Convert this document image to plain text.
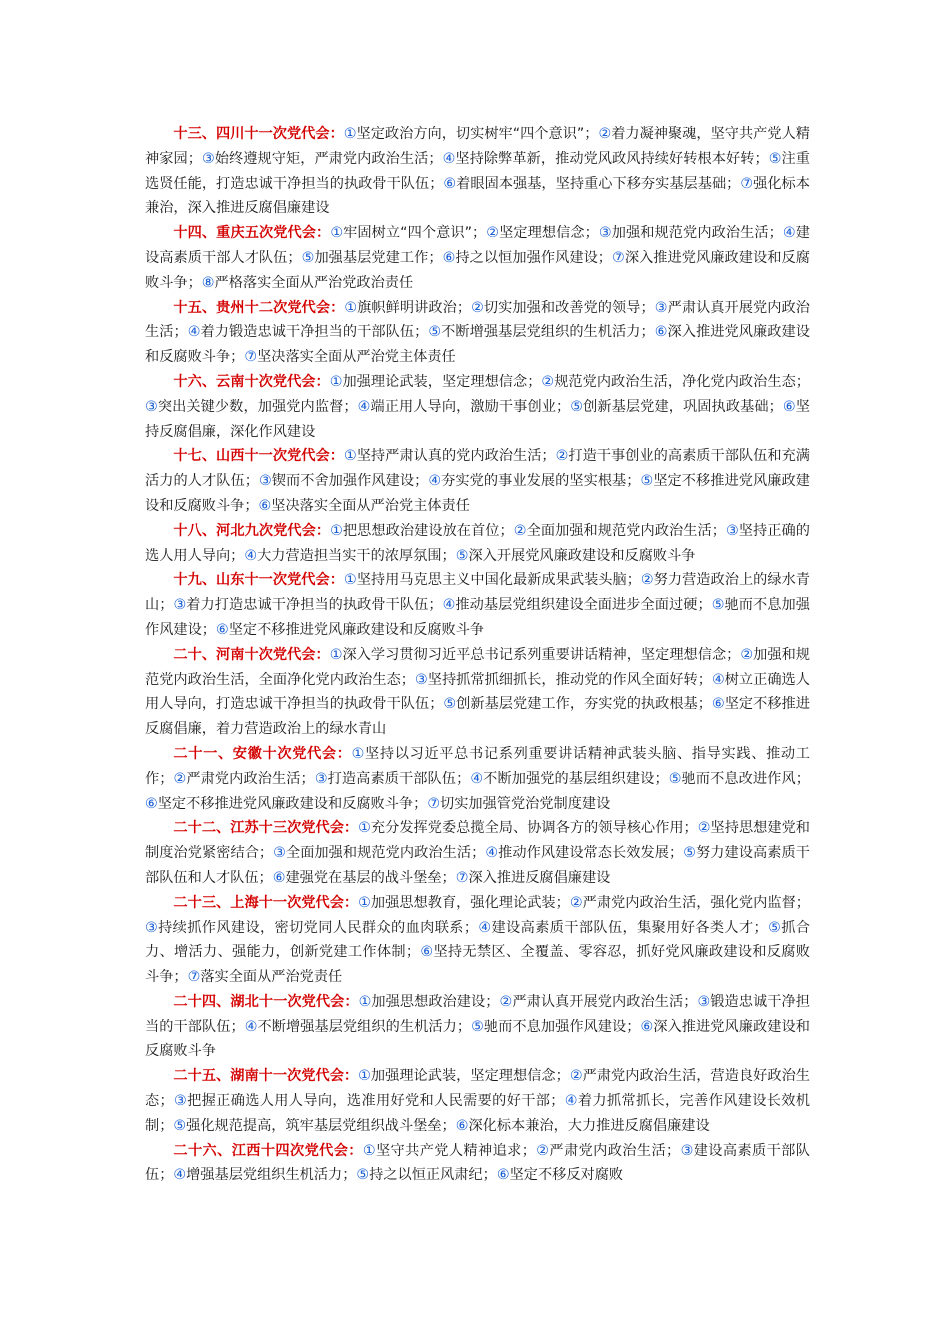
十三、四川十一次党代会：①坚定政治方向，切实树牢“四个意识”；②着力凝神聚魂，坚守共产党人精神家园；③始终遵规守矩，严肃党内政治生活；④坚持除弊革新，推动党风政风持续好转根本好转；⑤注重选贤任能，打造忠诚干净担当的执政骨干队伍；⑥着眼固本强基，坚持重心下移夯实基层基础；⑦强化标本兼治，深入推进反腐倡廉建设

十四、重庆五次党代会：①牢固树立“四个意识”；②坚定理想信念；③加强和规范党内政治生活；④建设高素质干部人才队伍；⑤加强基层党建工作；⑥持之以恒加强作风建设；⑦深入推进党风廉政建设和反腐败斗争；⑧严格落实全面从严治党政治责任

十五、贵州十二次党代会：①旗帜鲜明讲政治；②切实加强和改善党的领导；③严肃认真开展党内政治生活；④着力锻造忠诚干净担当的干部队伍；⑤不断增强基层党组织的生机活力；⑥深入推进党风廉政建设和反腐败斗争；⑦坚决落实全面从严治党主体责任

十六、云南十次党代会：①加强理论武装，坚定理想信念；②规范党内政治生活，净化党内政治生态；③突出关键少数，加强党内监督；④端正用人导向，激励干事创业；⑤创新基层党建，巩固执政基础；⑥坚持反腐倡廉，深化作风建设

十七、山西十一次党代会：①坚持严肃认真的党内政治生活；②打造干事创业的高素质干部队伍和充满活力的人才队伍；③锲而不舍加强作风建设；④夯实党的事业发展的坚实根基；⑤坚定不移推进党风廉政建设和反腐败斗争；⑥坚决落实全面从严治党主体责任

十八、河北九次党代会：①把思想政治建设放在首位；②全面加强和规范党内政治生活；③坚持正确的选人用人导向；④大力营造担当实干的浓厚氛围；⑤深入开展党风廉政建设和反腐败斗争

十九、山东十一次党代会：①坚持用马克思主义中国化最新成果武装头脑；②努力营造政治上的绿水青山；③着力打造忠诚干净担当的执政骨干队伍；④推动基层党组织建设全面进步全面过硬；⑤驰而不息加强作风建设；⑥坚定不移推进党风廉政建设和反腐败斗争

二十、河南十次党代会：①深入学习贯彻习近平总书记系列重要讲话精神，坚定理想信念；②加强和规范党内政治生活，全面净化党内政治生态；③坚持抓常抓细抓长，推动党的作风全面好转；④树立正确选人用人导向，打造忠诚干净担当的执政骨干队伍；⑤创新基层党建工作，夯实党的执政根基；⑥坚定不移推进反腐倡廉，着力营造政治上的绿水青山

二十一、安徽十次党代会：①坚持以习近平总书记系列重要讲话精神武装头脑、指导实践、推动工作；②严肃党内政治生活；③打造高素质干部队伍；④不断加强党的基层组织建设；⑤驰而不息改进作风；⑥坚定不移推进党风廉政建设和反腐败斗争；⑦切实加强管党治党制度建设

二十二、江苏十三次党代会：①充分发挥党委总揽全局、协调各方的领导核心作用；②坚持思想建党和制度治党紧密结合；③全面加强和规范党内政治生活；④推动作风建设常态长效发展；⑤努力建设高素质干部队伍和人才队伍；⑥建强党在基层的战斗堡垒；⑦深入推进反腐倡廉建设

二十三、上海十一次党代会：①加强思想教育，强化理论武装；②严肃党内政治生活，强化党内监督；③持续抓作风建设，密切党同人民群众的血肉联系；④建设高素质干部队伍，集聚用好各类人才；⑤抓合力、增活力、强能力，创新党建工作体制；⑥坚持无禁区、全覆盖、零容忍，抓好党风廉政建设和反腐败斗争；⑦落实全面从严治党责任

二十四、湖北十一次党代会：①加强思想政治建设；②严肃认真开展党内政治生活；③锻造忠诚干净担当的干部队伍；④不断增强基层党组织的生机活力；⑤驰而不息加强作风建设；⑥深入推进党风廉政建设和反腐败斗争

二十五、湖南十一次党代会：①加强理论武装，坚定理想信念；②严肃党内政治生活，营造良好政治生态；③把握正确选人用人导向，选准用好党和人民需要的好干部；④着力抓常抓长，完善作风建设长效机制；⑤强化规范提高，筑牢基层党组织战斗堡垒；⑥深化标本兼治，大力推进反腐倡廉建设

二十六、江西十四次党代会：①坚守共产党人精神追求；②严肃党内政治生活；③建设高素质干部队伍；④增强基层党组织生机活力；⑤持之以恒正风肃纪；⑥坚定不移反对腐败
